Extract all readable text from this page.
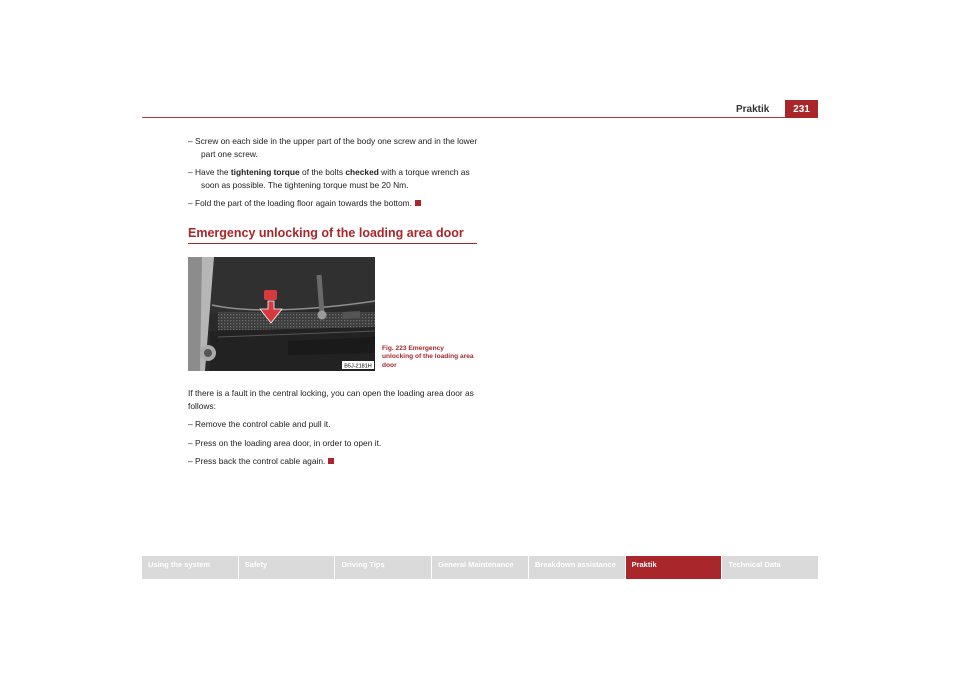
Praktik	231

– Screw on each side in the upper part of the body one screw and in the lower part one screw.

– Have the tightening torque of the bolts checked with a torque wrench as soon as possible. The tightening torque must be 20 Nm.

– Fold the part of the loading floor again towards the bottom.

Emergency unlocking of the loading area door
B5J-2181H
Fig. 223 Emergency
unlocking of the loading area
door

If there is a fault in the central locking, you can open the loading area door as follows:

– Remove the control cable and pull it.

– Press on the loading area door, in order to open it.

– Press back the control cable again.

Using the system	Safety	Driving Tips	General Maintenance	Breakdown assistance	Praktik	Technical Data
